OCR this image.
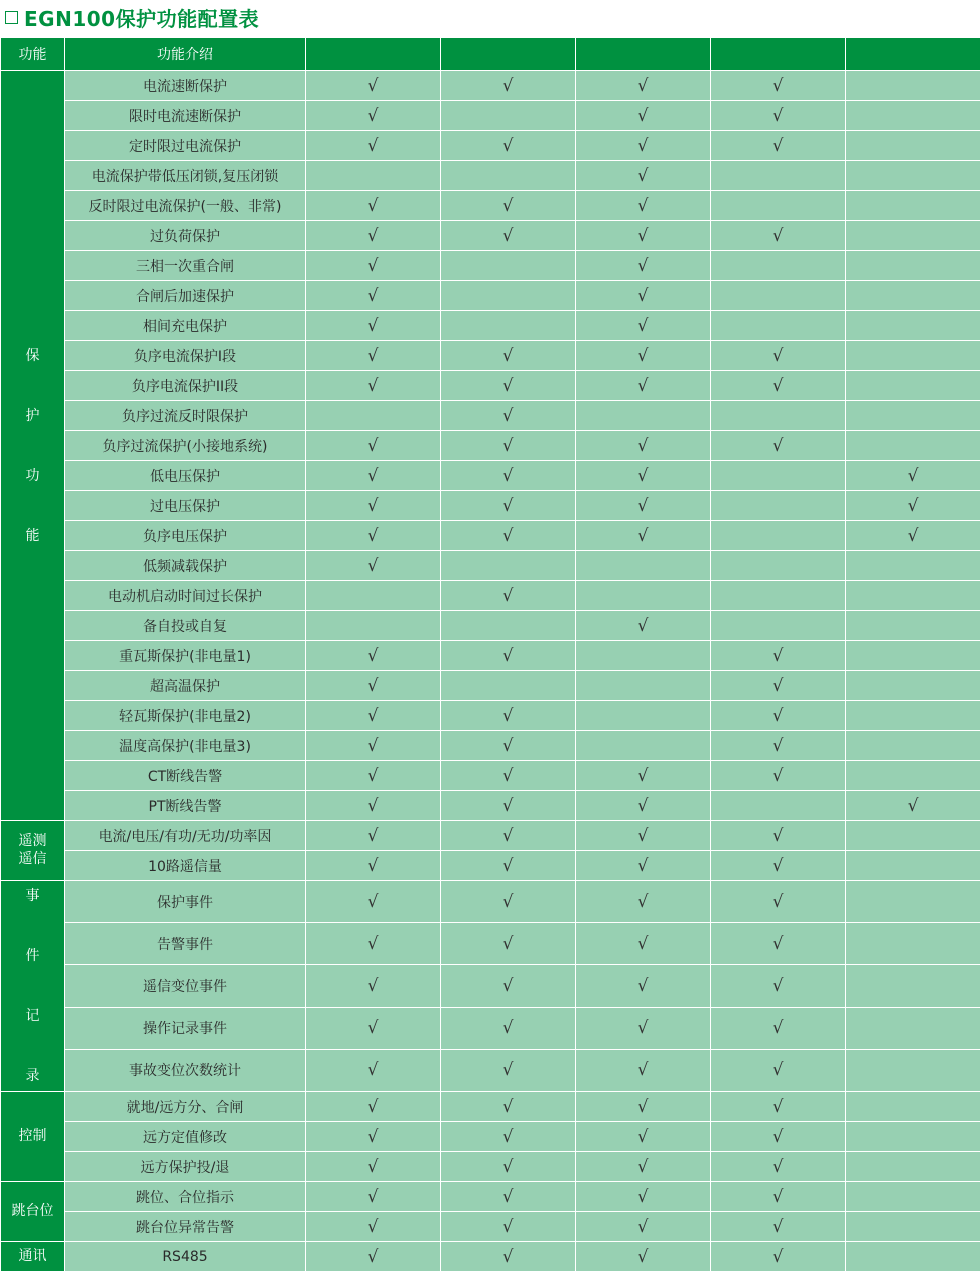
EGN100保护功能配置表
功能	功能介绍					
保

护

功

能	电流速断保护	√	√	√	√	
	限时电流速断保护	√		√	√	
	定时限过电流保护	√	√	√	√	
	电流保护带低压闭锁,复压闭锁			√		
	反时限过电流保护(一般、非常)	√	√	√		
	过负荷保护	√	√	√	√	
	三相一次重合闸	√		√		
	合闸后加速保护	√		√		
	相间充电保护	√		√		
	负序电流保护I段	√	√	√	√	
	负序电流保护II段	√	√	√	√	
	负序过流反时限保护		√			
	负序过流保护(小接地系统)	√	√	√	√	
	低电压保护	√	√	√		√
	过电压保护	√	√	√		√
	负序电压保护	√	√	√		√
	低频减载保护	√				
	电动机启动时间过长保护		√			
	备自投或自复			√		
	重瓦斯保护(非电量1)	√	√		√	
	超高温保护	√			√	
	轻瓦斯保护(非电量2)	√	√		√	
	温度高保护(非电量3)	√	√		√	
	CT断线告警	√	√	√	√	
	PT断线告警	√	√	√		√
遥测
遥信	电流/电压/有功/无功/功率因	√	√	√	√	
	10路遥信量	√	√	√	√	
事

件

记

录	保护事件	√	√	√	√	
	告警事件	√	√	√	√	
	遥信变位事件	√	√	√	√	
	操作记录事件	√	√	√	√	
	事故变位次数统计	√	√	√	√	
控制	就地/远方分、合闸	√	√	√	√	
	远方定值修改	√	√	√	√	
	远方保护投/退	√	√	√	√	
跳台位	跳位、合位指示	√	√	√	√	
	跳台位异常告警	√	√	√	√	
通讯	RS485	√	√	√	√	
